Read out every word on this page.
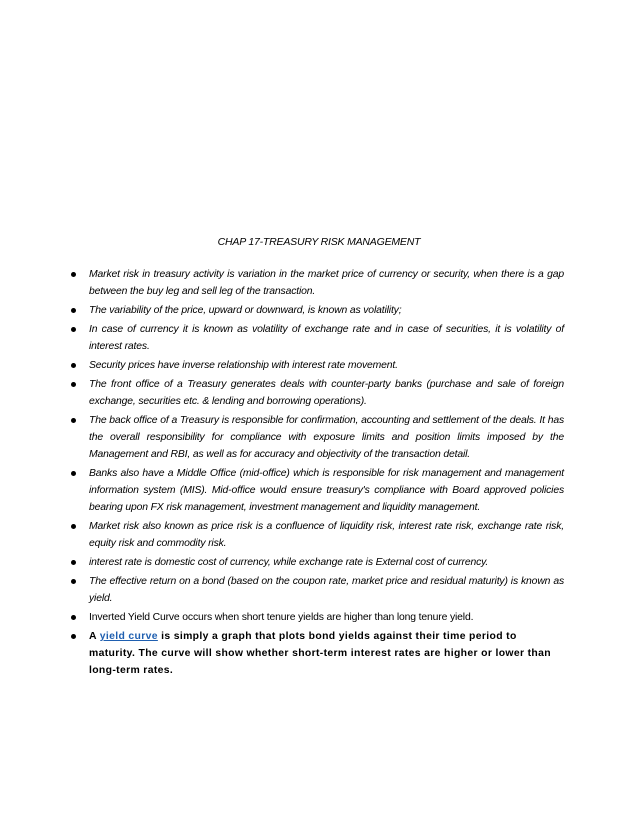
CHAP 17-TREASURY RISK MANAGEMENT
Market risk in treasury activity is variation in the market price of currency or security, when there is a gap between the buy leg and sell leg of the transaction.
The variability of the price, upward or downward, is known as volatility;
In case of currency it is known as volatility of exchange rate and in case of securities, it is volatility of interest rates.
Security prices have inverse relationship with interest rate movement.
The front office of a Treasury generates deals with counter-party banks (purchase and sale of foreign exchange, securities etc. & lending and borrowing operations).
The back office of a Treasury is responsible for confirmation, accounting and settlement of the deals. It has the overall responsibility for compliance with exposure limits and position limits imposed by the Management and RBI, as well as for accuracy and objectivity of the transaction detail.
Banks also have a Middle Office (mid-office) which is responsible for risk management and management information system (MIS). Mid-office would ensure treasury's compliance with Board approved policies bearing upon FX risk management, investment management and liquidity management.
Market risk also known as price risk is a confluence of liquidity risk, interest rate risk, exchange rate risk, equity risk and commodity risk.
interest rate is domestic cost of currency, while exchange rate is External cost of currency.
The effective return on a bond (based on the coupon rate, market price and residual maturity) is known as yield.
Inverted Yield Curve occurs when short tenure yields are higher than long tenure yield.
A yield curve is simply a graph that plots bond yields against their time period to maturity. The curve will show whether short-term interest rates are higher or lower than long-term rates.
